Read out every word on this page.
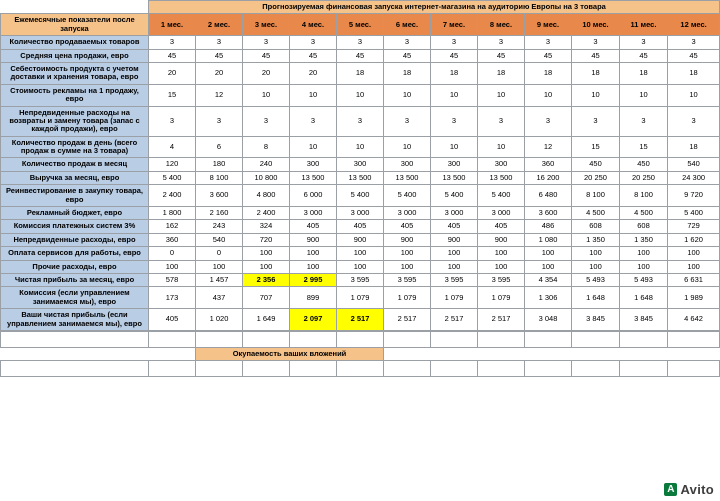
	Прогнозируемая финансовая запуска интернет-магазина на аудиторию Европы на 3 товара											
Ежемесячные показатели после запуска	1 мес.	2 мес.	3 мес.	4 мес.	5 мес.	6 мес.	7 мес.	8 мес.	9 мес.	10 мес.	11 мес.	12 мес.
Количество продаваемых товаров	3	3	3	3	3	3	3	3	3	3	3	3
Средняя цена продажи, евро	45	45	45	45	45	45	45	45	45	45	45	45
Себестоимость продукта с учетом доставки и хранения товара, евро	20	20	20	20	18	18	18	18	18	18	18	18
Стоимость рекламы на 1 продажу, евро	15	12	10	10	10	10	10	10	10	10	10	10
Непредвиденные расходы на возвраты и замену товара (запас с каждой продажи), евро	3	3	3	3	3	3	3	3	3	3	3	3
Количество продаж в день (всего продаж в сумме на 3 товара)	4	6	8	10	10	10	10	10	12	15	15	18
Количество продаж в месяц	120	180	240	300	300	300	300	300	360	450	450	540
Выручка за месяц, евро	5 400	8 100	10 800	13 500	13 500	13 500	13 500	13 500	16 200	20 250	20 250	24 300
Реинвестирование в закупку товара, евро	2 400	3 600	4 800	6 000	5 400	5 400	5 400	5 400	6 480	8 100	8 100	9 720
Рекламный бюджет, евро	1 800	2 160	2 400	3 000	3 000	3 000	3 000	3 000	3 600	4 500	4 500	5 400
Комиссия платежных систем 3%	162	243	324	405	405	405	405	405	486	608	608	729
Непредвиденные расходы, евро	360	540	720	900	900	900	900	900	1 080	1 350	1 350	1 620
Оплата сервисов для работы, евро	0	0	100	100	100	100	100	100	100	100	100	100
Прочие расходы, евро	100	100	100	100	100	100	100	100	100	100	100	100
Чистая прибыль за месяц, евро	578	1 457	2 356	2 995	3 595	3 595	3 595	3 595	4 354	5 493	5 493	6 631
Комиссия (если управлением занимаемся мы), евро	173	437	707	899	1 079	1 079	1 079	1 079	1 306	1 648	1 648	1 989
Ваши чистая прибыль (если управлением занимаемся мы), евро	405	1 020	1 649	2 097	2 517	2 517	2 517	2 517	3 048	3 845	3 845	4 642

		Окупаемость ваших вложений										

A Avito
